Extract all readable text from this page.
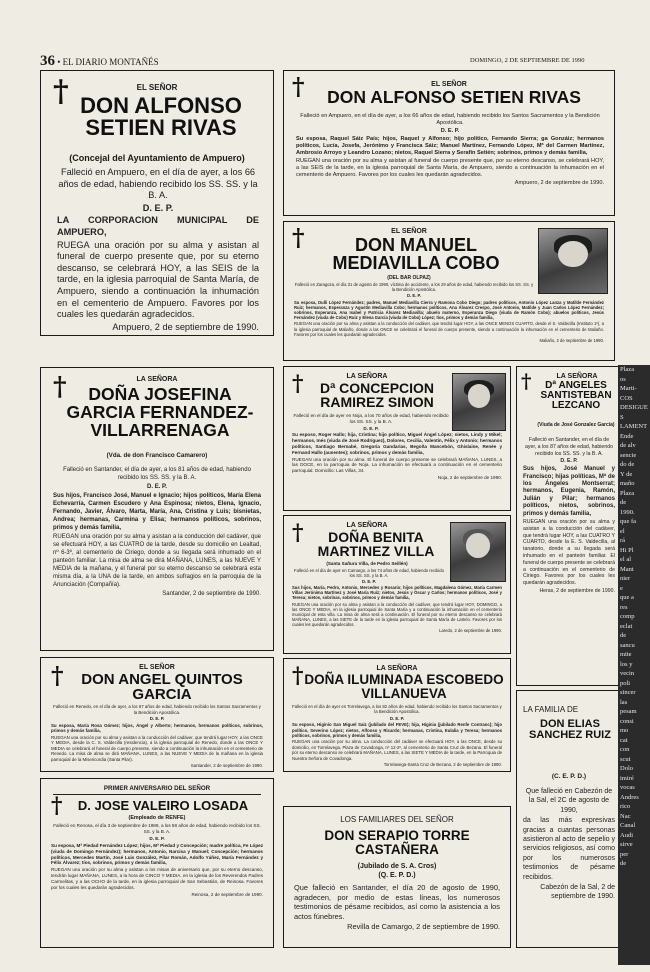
36 • EL DIARIO MONTAÑÉS	DOMINGO, 2 DE SEPTIEMBRE DE 1990
†	EL SEÑOR
DON ALFONSO SETIEN RIVAS
(Concejal del Ayuntamiento de Ampuero)

Falleció en Ampuero, en el día de ayer, a los 66 años de edad, habiendo recibido los SS. SS. y la B. A.

D. E. P.

LA CORPORACION MUNICIPAL DE AMPUERO,

RUEGA una oración por su alma y asistan al funeral de cuerpo presente que, por su eterno descanso, se celebrará HOY, a las SEIS de la tarde, en la iglesia parroquial de Santa María, de Ampuero, siendo a continuación la inhumación en el cementerio de Ampuero. Favores por los cuales les quedarán agradecidos.

Ampuero, 2 de septiembre de 1990.

†	EL SEÑOR
DON ALFONSO SETIEN RIVAS

Falleció en Ampuero, en el día de ayer, a los 66 años de edad, habiendo recibido los Santos Sacramentos y la Bendición Apostólica.

D. E. P.

Su esposa, Raquel Sáiz País; hijos, Raquel y Alfonso; hijo político, Fernando Sierra; ga Gonzáiz; hermanos políticos, Lucía, Josefa, Jerónimo y Francisca Sáiz; Manuel Martínez, Fernando López, Mª del Carmen Martínez, Ambrosio Arroyo y Leandro Lozano; nietos, Raquel Sierra y Serafín Setién; sobrinos, primos y demás familia,

RUEGAN una oración por su alma y asistan al funeral de cuerpo presente que, por su eterno descanso, se celebrará HOY, a las SEIS de la tarde, en la iglesia parroquial de Santa María, de Ampuero, siendo a continuación la inhumación en el cementerio de Ampuero. Favores por los cuales les quedarán agradecidos.

Ampuero, 2 de septiembre de 1990.

†	EL SEÑOR
DON MANUEL MEDIAVILLA COBO
(DEL BAR OLPAZ)

Falleció en Zaragoza, el día 31 de agosto de 1990, víctima de accidente, a los 29 años de edad, habiendo recibido los SS. SS. y la Bendición Apostólica.

D. E. P.

Su esposa, Dulli López Fernández; padres, Manuel Mediavilla Cierra y Ramona Cobo Diego; padres políticos, Antonio López Lanza y Matilde Fernández Ruiz; hermanos, Esperanza y Agustín Mediavilla Cobo; hermanos políticos, Ana Álvarez Crespo, José Antonio, Matilde y Juan Carlos López Fernández; sobrinos, Esperanza, Ana Isabel y Patricia Álvarez Mediavilla; abuelo materno, Esperanza Diego (viuda de Ramón Cobo); abuelos políticos, Jesús Fernández (viuda de Cobo) Ruiz y Elena García (viuda de Cobo) López; tíos, primos y demás familia,

RUEGAN una oración por su alma y asistan a la conducción del cadáver, que tendrá lugar HOY, a las ONCE MENOS CUARTO, desde el S. Valdecilla (Instituto 1º), a la iglesia parroquial de Maliaño, donde a las ONCE se celebrará el funeral de cuerpo presente, siendo a continuación la inhumación en el cementerio de Maliaño. Favores por los cuales les quedarán agradecidos.

Maliaño, 2 de septiembre de 1990.

†	LA SEÑORA
DOÑA JOSEFINA GARCIA FERNANDEZ-VILLARRENAGA
(Vda. de don Francisco Camarero)

Falleció en Santander, el día de ayer, a los 81 años de edad, habiendo recibido los SS. SS. y la B. A.

D. E. P.

Sus hijos, Francisco José, Manuel e Ignacio; hijos políticos, María Elena Echevarría, Carmen Escudero y Ana Espinosa; nietos, Elena, Ignacio, Fernando, Javier, Álvaro, Marta, María, Ana, Cristina y Luis; bisnietas, Andrea; hermanas, Carmina y Elisa; hermanos políticos, sobrinos, primos y demás familia,

RUEGAN una oración por su alma y asistan a la conducción del cadáver, que se efectuará HOY, a las CUATRO de la tarde, desde su domicilio en Lealtad, nº 6-3º, al cementerio de Ciriego, donde a su llegada será inhumado en el panteón familiar. La misa de alma se dirá MAÑANA, LUNES, a las NUEVE Y MEDIA de la mañana, y el funeral por su eterno descanso se celebrará esta misma día, a la UNA de la tarde, en ambos sufragios en la parroquia de la Anunciación (Compañía).

Santander, 2 de septiembre de 1990.

†	LA SEÑORA
Dª CONCEPCION RAMIREZ SIMON

Falleció en el día de ayer en Noja, a los 70 años de edad, habiendo recibido los SS. SS. y la B. A.

D. E. P.

Su esposo, Roger Hallo; hija, Cristina; hijo político, Miguel Ángel López; nietos, Lindy y Mikel; hermanos, Inés (viuda de José Rodríguez), Dolores, Cecilia, Valentín, Félix y Antonio; hermanos políticos, Santiago Bernabé, Gregoria Gandarias, Begoña Mancebón, Ghislaine, Renée y Fernand Hallo (ausentes); sobrinos, primos y demás familia,

RUEGAN una oración por su alma. El funeral de cuerpo presente se celebrará MAÑANA, LUNES, a las DOCE, en la parroquia de Noja. La inhumación se efectuará a continuación en el cementerio parroquial. Domicilio: Las Villas, 34.

Noja, 2 de septiembre de 1990.

†	LA SEÑORA
Dª ANGELES SANTISTEBAN LEZCANO
(Viuda de José Gonzalez García)

Falleció en Santander, en el día de ayer, a los 87 años de edad, habiendo recibido los SS. SS. y la B. A.

D. E. P.

Sus hijos, José Manuel y Francisco; hijas políticas, Mª de los Ángeles Montserrat; hermanos, Eugenia, Ramón, Julián y Pilar; hermanos políticos, nietos, sobrinos, primos y demás familia,

RUEGAN una oración por su alma y asistan a la conducción del cadáver, que tendrá lugar HOY, a las CUATRO Y CUARTO, desde la E. S. Valdecilla, al tanatorio, donde a su llegada será inhumado en el panteón familiar. El funeral de cuerpo presente se celebrará a continuación en el cementerio de Ciriego. Favores por los cuales les quedarán agradecidos.

Heras, 2 de septiembre de 1990.

†	LA SEÑORA
DOÑA BENITA MARTINEZ VILLA
(Santa Sañura Villa, de Pedro Seillén)

Falleció en el día de ayer en Camargo, a los 74 años de edad, habiendo recibido los SS. SS. y la B. A.

D. E. P.

Sus hijos, María, Pedro, Antonio, Mercedes y Rosario; hijos políticos, Magdalena Gómez, María Carmen Villas Jerónima Martínez y José María Ruiz; nietos, Jesús y Óscar y Carlos; hermanos políticos, José y Teresa; nietos, sobrinas, sobrinos, primos y demás familia,

RUEGAN una oración por su alma y asistan a la conducción del cadáver, que tendrá lugar HOY, DOMINGO, a las ONCE Y MEDIA, en la iglesia parroquial de Santa María y a continuación la inhumación en el cementerio municipal de esta villa. La misa de alma será a continuación. El funeral por su eterno descanso se celebrará MAÑANA, LUNES, a las SIETE de la tarde en la iglesia parroquial de Santa María de Latrelo. Favores por los cuales les quedarán agradecidos.

Laredo, 2 de septiembre de 1990.

†	EL SEÑOR
DON ANGEL QUINTOS GARCIA

Falleció en Renedo, en el día de ayer, a los 67 años de edad, habiendo recibido los Santos Sacramentos y la Bendición Apostólica.

D. E. P.

Su esposa, María Rosa Gómez; hijos, Ángel y Alberto; hermanos, hermanos políticos, sobrinos, primos y demás familia,

RUEGAN una oración por su alma y asistan a la conducción del cadáver, que tendrá lugar HOY, a las ONCE Y MEDIA, desde la C. S. Valdecilla (residencia), a la iglesia parroquial de Renedo, donde a las ONCE Y MEDIA se celebrará el funeral de cuerpo presente, siendo a continuación la inhumación en el cementerio de Renedo. La misa de alma se dirá MAÑANA, LUNES, a las NUEVE Y MEDIA de la mañana en la iglesia parroquial de la Misericordia (Santa Pilar).

Santander, 2 de septiembre de 1990.

†	LA SEÑORA
DOÑA ILUMINADA ESCOBEDO VILLANUEVA

Falleció en el día de ayer en Torrelavega, a los 82 años de edad, habiendo recibido los Santos Sacramentos y la Bendición Apostólica.

D. E. P.

Su esposo, Higinio San Miguel Saiz (jubilado del FEVE); hija, Higinia (jubilado Renfe Contranc); hijo político, Severino López; nietos, Alfonso y Ricardo; hermanas, Cristina, Eulalia y Teresa; hermanos políticos, sobrinos, primos y demás familia,

RUEGAN una oración por su alma. La conducción del cadáver se efectuará HOY, a las ONCE, desde su domicilio, en Torrelavega, Plaza de Covadonga, nº 12-2º, al cementerio de Santa Cruz de Bezana. El funeral por su eterno descanso se celebrará MAÑANA, LUNES, a las SIETE Y MEDIA de la tarde, en la Parroquia de Nuestra Señora de Covadonga.

Torrelavega-Santa Cruz de Bezana, 2 de septiembre de 1990.

LA FAMILIA DE
DON ELIAS SANCHEZ RUIZ
(C. E. P. D.)

Que falleció en Cabezón de la Sal, el 2C de agosto de 1990,

da las más expresivas gracias a cuantas personas asistieron al acto de sepelio y servicios religiosos, así como por los numerosos testimonios de pésame recibidos.

Cabezón de la Sal, 2 de septiembre de 1990.

PRIMER ANIVERSARIO DEL SEÑOR
†	D. JOSE VALEIRO LOSADA
(Empleado de RENFE)

Falleció en Renosa, el día 3 de septiembre de 1989, a los 58 años de edad, habiendo recibido los SS. SS. y la B. A.

D. E. P.

Su esposa, Mª Piedad Fernández López; hijos, Mª Piedad y Concepción; madre política, Fe López (viuda de Domingo Fernández); hermanos, Antonio, Narcisa y Manuel; Concepción; hermanos políticos, Mercedes Martín, José Luis González, Pilar Román, Adolfo Yáñez, María Fernández y Félix Álvarez; tíos, sobrinos, primos y demás familia,

RUEGAN una oración por su alma y asistan a los misas de aniversario que, por su eterno descanso, tendrán lugar MAÑANA, LUNES, a la hora de CINCO Y MEDIA, en la iglesia de los Reverendos Padres Carmelitas, y a las OCHO de la tarde, en la iglesia parroquial de San Sebastián, de Reinosa. Favores por los cuales les quedarán agradecidos.

Reinosa, 2 de septiembre de 1990.

LOS FAMILIARES DEL SEÑOR
DON SERAPIO TORRE CASTAÑERA
(Jubilado de S. A. Cros)
(Q. E. P. D.)

Que falleció en Santander, el día 20 de agosto de 1990, agradecen, por medio de estas líneas, los numerosos testimonios de pésame recibidos, así como la asistencia a los actos fúnebres.

Revilla de Camargo, 2 de septiembre de 1990.

Plaza
os
Marti-
COS
DESIGUES
LAMENT
Ende
de alv
sencie
do de
Y de
maño
Plaza
de
1990.
que fa
el
rá
Hi Pl
el al
Mant
nier
e
que a
res
comp
eclat
de
sancu
mite
los y
vecin
poli
sincer
las
pesam
consi
mo
cat
con
scut
Dolo
imiré
vocas
Andres
rico
Nac
Canal
Audi
sirve
per
de
